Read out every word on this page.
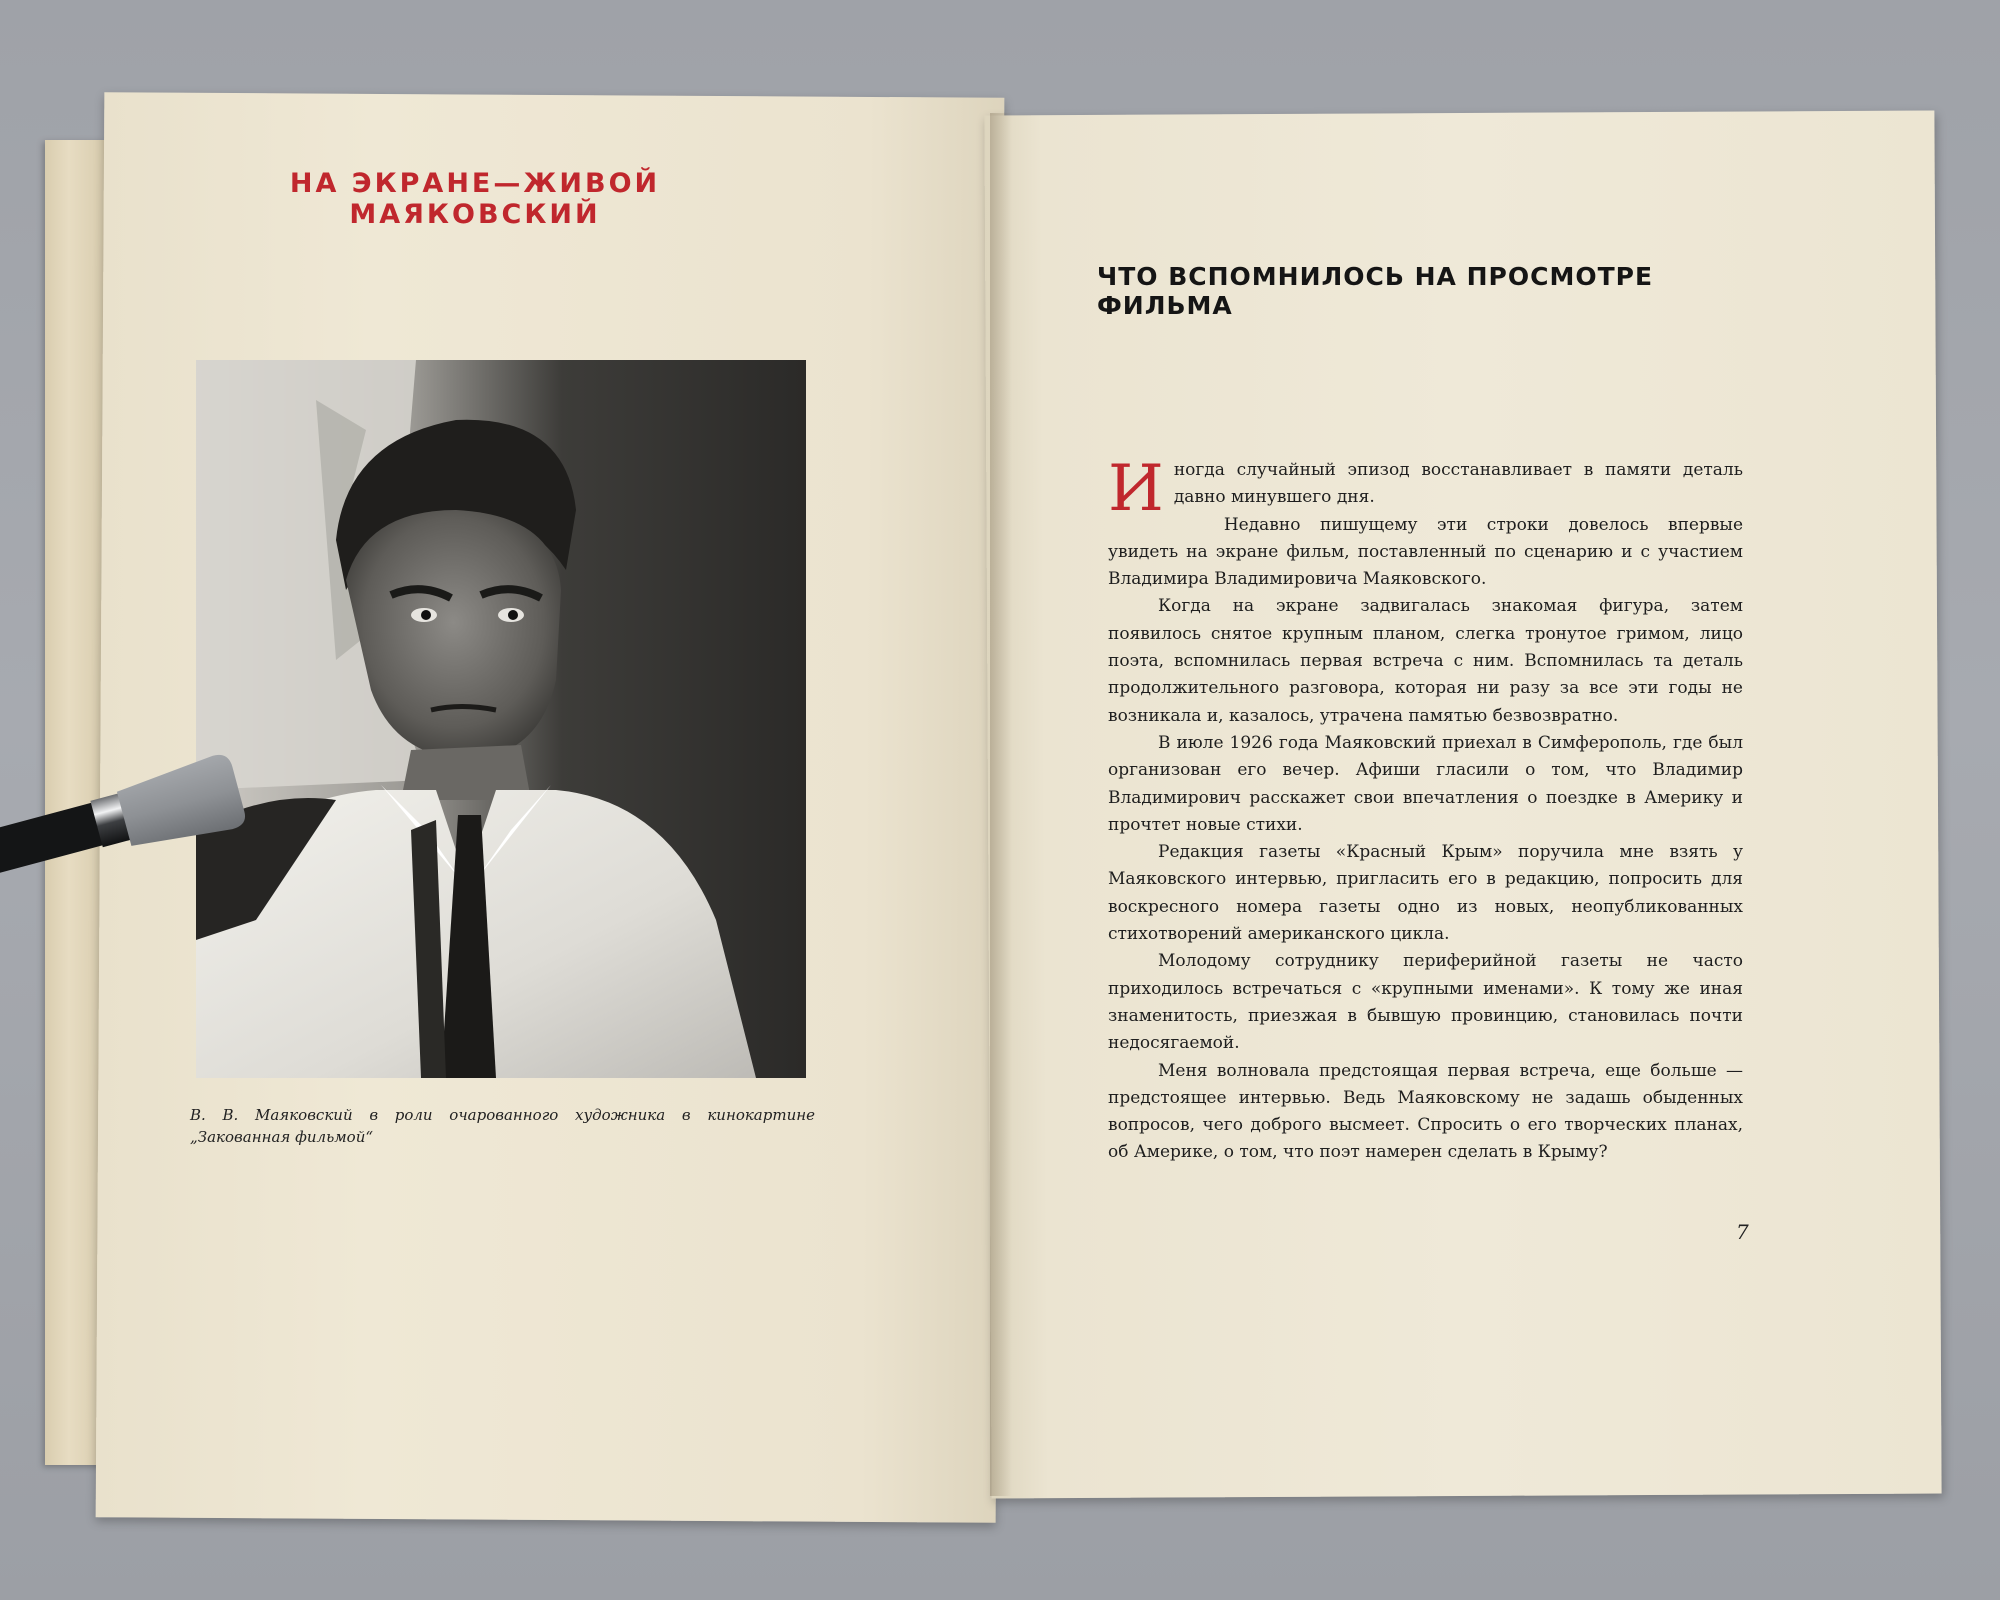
НА ЭКРАНЕ—ЖИВОЙ МАЯКОВСКИЙ
В. В. Маяковский в роли очарованного художника в кинокартине „Закованная фильмой“
ЧТО ВСПОМНИЛОСЬ НА ПРОСМОТРЕ ФИЛЬМА

Иногда случайный эпизод восстанавливает в памяти деталь давно минувшего дня.

Недавно пишущему эти строки довелось впервые увидеть на экране фильм, поставленный по сценарию и с участием Владимира Владимировича Маяковского.

Когда на экране задвигалась знакомая фигура, затем появилось снятое крупным планом, слегка тронутое гримом, лицо поэта, вспомнилась первая встреча с ним. Вспомнилась та деталь продолжительного разговора, которая ни разу за все эти годы не возникала и, казалось, утрачена памятью безвозвратно.

В июле 1926 года Маяковский приехал в Симферополь, где был организован его вечер. Афиши гласили о том, что Владимир Владимирович расскажет свои впечатления о поездке в Америку и прочтет новые стихи.

Редакция газеты «Красный Крым» поручила мне взять у Маяковского интервью, пригласить его в редакцию, попросить для воскресного номера газеты одно из новых, неопубликованных стихотворений американского цикла.

Молодому сотруднику периферийной газеты не часто приходилось встречаться с «крупными именами». К тому же иная знаменитость, приезжая в бывшую провинцию, становилась почти недосягаемой.

Меня волновала предстоящая первая встреча, еще больше — предстоящее интервью. Ведь Маяковскому не задашь обыденных вопросов, чего доброго высмеет. Спросить о его творческих планах, об Америке, о том, что поэт намерен сделать в Крыму?

7
